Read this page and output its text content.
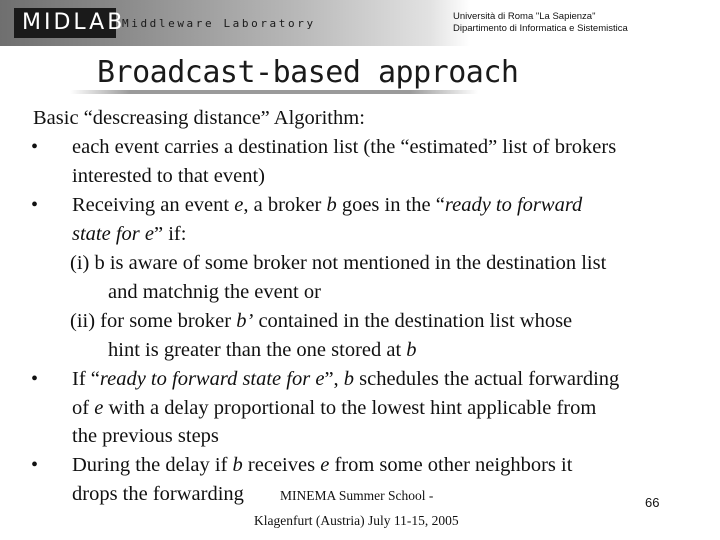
MIDLAB
Middleware Laboratory
Università di Roma "La Sapienza"
Dipartimento di Informatica e Sistemistica
Broadcast-based approach
Basic “descreasing distance” Algorithm:
• each event carries a destination list (the “estimated” list of brokers
interested to that event)
• Receiving an event e, a broker b goes in the “ready to forward
state for e” if:
(i) b is aware of some broker not mentioned in the destination list
and matchnig the event or
(ii) for some broker b’ contained in the destination list whose
hint is greater than the one stored at b
• If “ready to forward state for e”, b schedules the actual forwarding
of e with a delay proportional to the lowest hint applicable from
the previous steps
• During the delay if b receives e from some other neighbors it
drops the forwarding	MINEMA Summer School -
Klagenfurt (Austria) July 11-15, 2005
66
